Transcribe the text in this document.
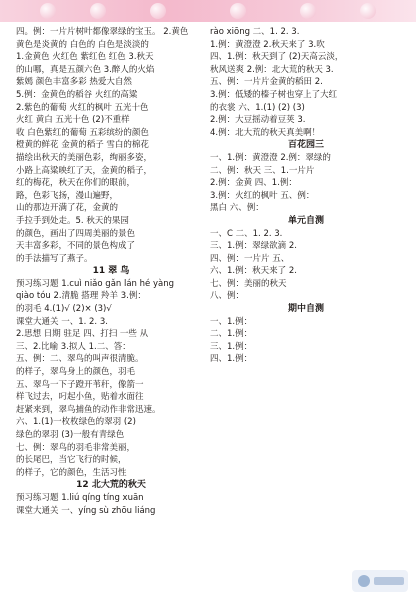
四。例：一片片树叶都像翠绿的宝玉。 2.黄色

黄色是炎黄的 白色的 白色是淡淡的

1.金黄色 火红色 紫红色 红色 3.秋天

的山哪，真是五颜六色 3.醉人的火焰

紫嫣 颜色丰富多彩 热爱大自然

5.例：金黄色的稻谷 火红的高粱

2.紫色的葡萄 火红的枫叶 五光十色

火红 黄白 五光十色 (2)不重样

收 白色紫红的葡萄 五彩缤纷的颜色

橙黄的鲜花 金黄的稻子 雪白的棉花

描绘出秋天的美丽色彩，绚丽多姿，

小路上高粱映红了天，金黄的稻子，

红的梅花，秋天在你们的眼前，

路，色彩飞扬，漫山遍野，

山的那边开满了花，金黄的

手拉手到处走。5. 秋天的果园

的颜色，画出了四周美丽的景色

天丰富多彩，不同的景色构成了

的手法描写了燕子。

11 翠 鸟

预习练习题 1.cuì niǎo gǎn lán hé yàng

qiào tóu 2.清脆 搭理 羚羊 3.例：

的羽毛 4.(1)√ (2)× (3)√

课堂大通关 一、1. 2. 3.

2.思想 日期 驻足 四、打扫 一些 从

三、2.比喻 3.拟人 1.二、答：

五、例：二、翠鸟的叫声很清脆。

的样子，翠鸟身上的颜色，羽毛

五、翠鸟一下子蹬开苇秆，像箭一

样飞过去，叼起小鱼，贴着水面往

赶紧来到，翠鸟捕鱼的动作非常迅速。

六、1.(1)一枚枚绿色的翠羽 (2)

绿色的翠羽 (3)一般有青绿色

七、例：翠鸟的羽毛非常美丽，

的长尾巴，当它飞行的时候，

的样子，它的颜色，生活习性

12 北大荒的秋天

预习练习题 1.liú qíng tíng xuān

课堂大通关 一、yíng sù zhōu liáng

rào xiōng 二、1. 2. 3.

1.例：黄澄澄 2.秋天来了 3.吹

四、1.例：秋天到了 (2)天高云淡，

秋风送爽 2.例：北大荒的秋天 3.

五、例：一片片金黄的稻田 2.

3.例：低矮的榛子树也穿上了大红

的衣裳 六、1.(1) (2) (3)

2.例：大豆摇动着豆荚 3.

4.例：北大荒的秋天真美啊！

百花园三

一、1.例：黄澄澄 2.例：翠绿的

二、例：秋天 三、1.一片片

2.例：金黄 四、1.例：

3.例：火红的枫叶 五、例：

黑白 六、例：

单元自测

一、C 二、1. 2. 3.

三、1.例：翠绿欲滴 2.

四、例：一片片 五、

六、1.例：秋天来了 2.

七、例：美丽的秋天

八、例：

期中自测

一、1.例：

二、1.例：

三、1.例：

四、1.例：
